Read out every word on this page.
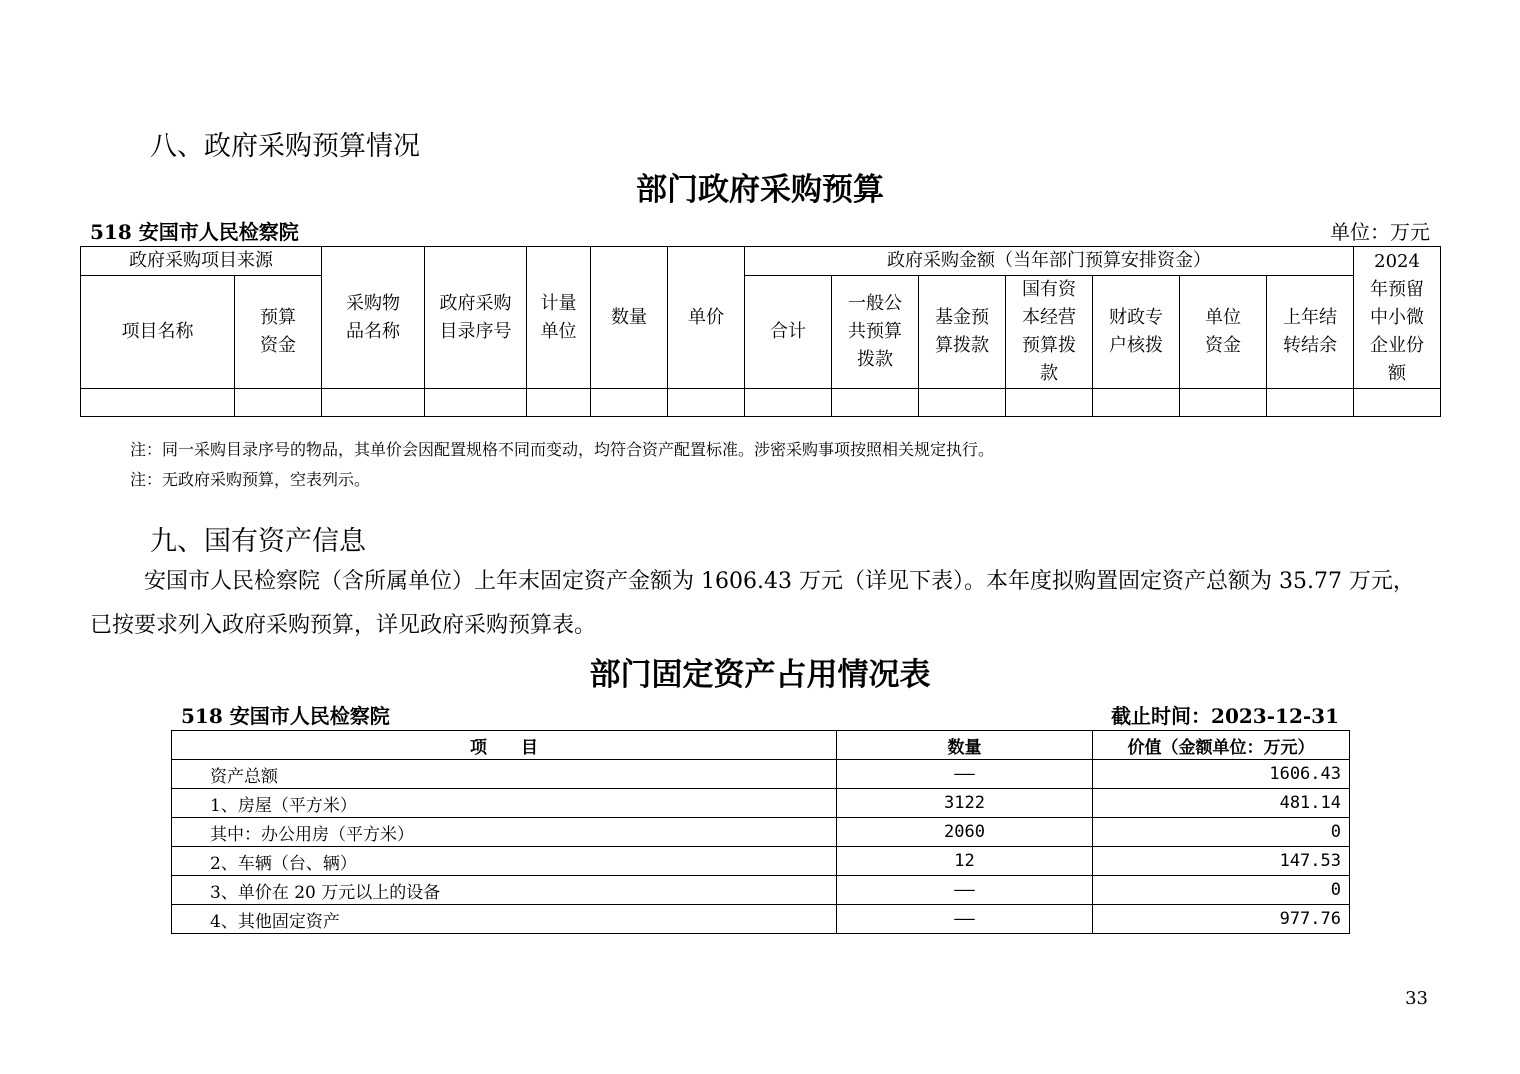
八、政府采购预算情况
部门政府采购预算
518 安国市人民检察院	单位：万元
政府采购项目来源		采购物品名称	政府采购目录序号	计量单位	数量	单价	政府采购金额（当年部门预算安排资金）							2024 年预留中小微企业份额

项目名称	预算资金						合计	一般公共预算拨款	基金预算拨款	国有资本经营预算拨款	财政专户核拨	单位资金	上年结转结余	

注：同一采购目录序号的物品，其单价会因配置规格不同而变动，均符合资产配置标准。涉密采购事项按照相关规定执行。
注：无政府采购预算，空表列示。
九、国有资产信息
安国市人民检察院（含所属单位）上年末固定资产金额为 1606.43 万元（详见下表）。本年度拟购置固定资产总额为 35.77 万元，已按要求列入政府采购预算，详见政府采购预算表。
部门固定资产占用情况表
518 安国市人民检察院	截止时间：2023-12-31
项　　目	数量	价值（金额单位：万元）
资产总额	——	1606.43
1、房屋（平方米）	3122	481.14
其中：办公用房（平方米）	2060	0
2、车辆（台、辆）	12	147.53
3、单价在 20 万元以上的设备	——	0
4、其他固定资产	——	977.76
33
